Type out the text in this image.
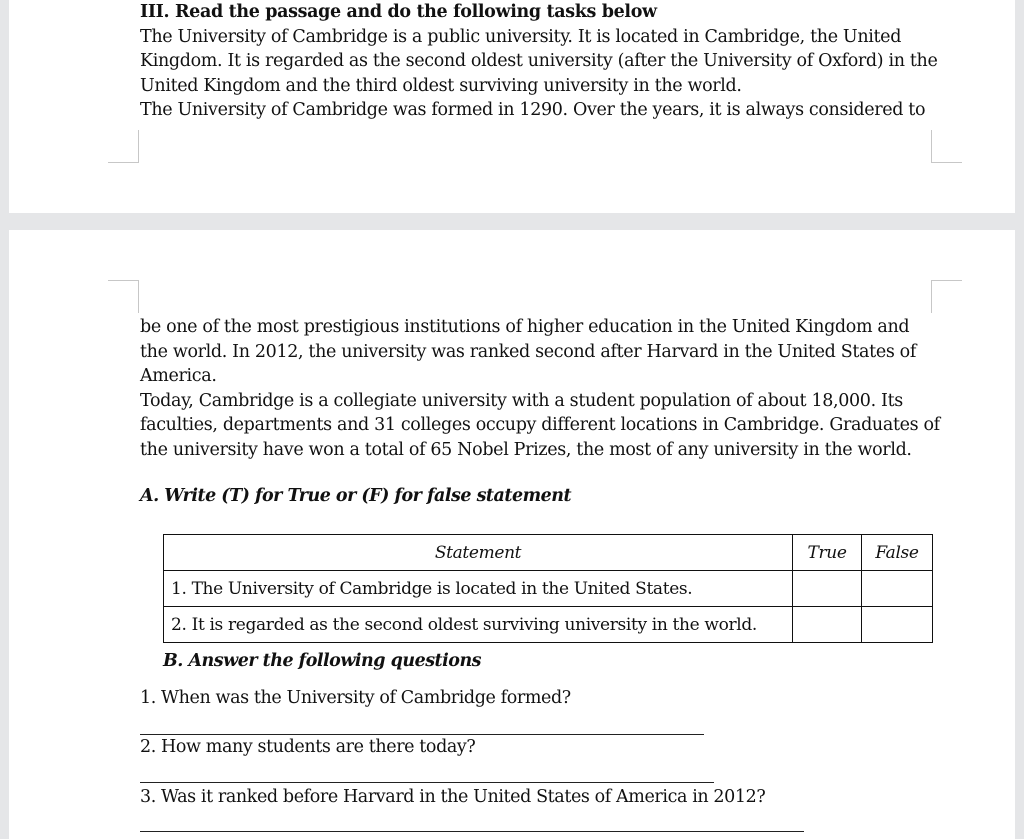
III. Read the passage and do the following tasks below

The University of Cambridge is a public university. It is located in Cambridge, the United Kingdom. It is regarded as the second oldest university (after the University of Oxford) in the United Kingdom and the third oldest surviving university in the world.

The University of Cambridge was formed in 1290. Over the years, it is always considered to

be one of the most prestigious institutions of higher education in the United Kingdom and the world. In 2012, the university was ranked second after Harvard in the United States of America.

Today, Cambridge is a collegiate university with a student population of about 18,000. Its faculties, departments and 31 colleges occupy different locations in Cambridge. Graduates of the university have won a total of 65 Nobel Prizes, the most of any university in the world.

A. Write (T) for True or (F) for false statement
Statement	True	False
1. The University of Cambridge is located in the United States.		
2. It is regarded as the second oldest surviving university in the world.		
B. Answer the following questions
1. When was the University of Cambridge formed?
2. How many students are there today?
3. Was it ranked before Harvard in the United States of America in 2012?
